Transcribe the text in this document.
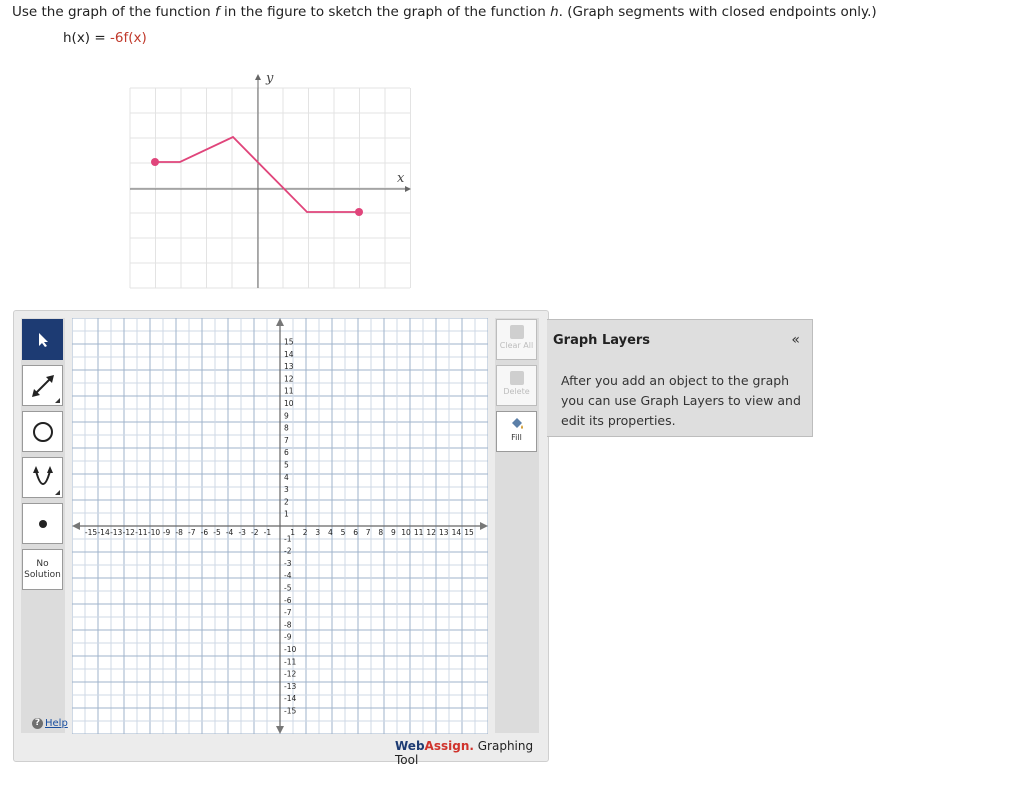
Use the graph of the function f in the figure to sketch the graph of the function h. (Graph segments with closed endpoints only.)
h(x) = -6f(x)
y
x
No
Solution
? Help
-15 -14 -13 -12 -11 -10 -9 -8 -7 -6 -5 -4 -3 -2 -1	1 2 3 4 5 6 7 8 9 10 11 12 13 14 15
15
14
13
12
11
10
9
8
7
6
5
4
3
2
1
-1
-2
-3
-4
-5
-6
-7
-8
-9
-10
-11
-12
-13
-14
-15
Clear All
Delete
Fill
WebAssign. Graphing Tool
Graph Layers	«
After you add an object to the graph you can use Graph Layers to view and edit its properties.
